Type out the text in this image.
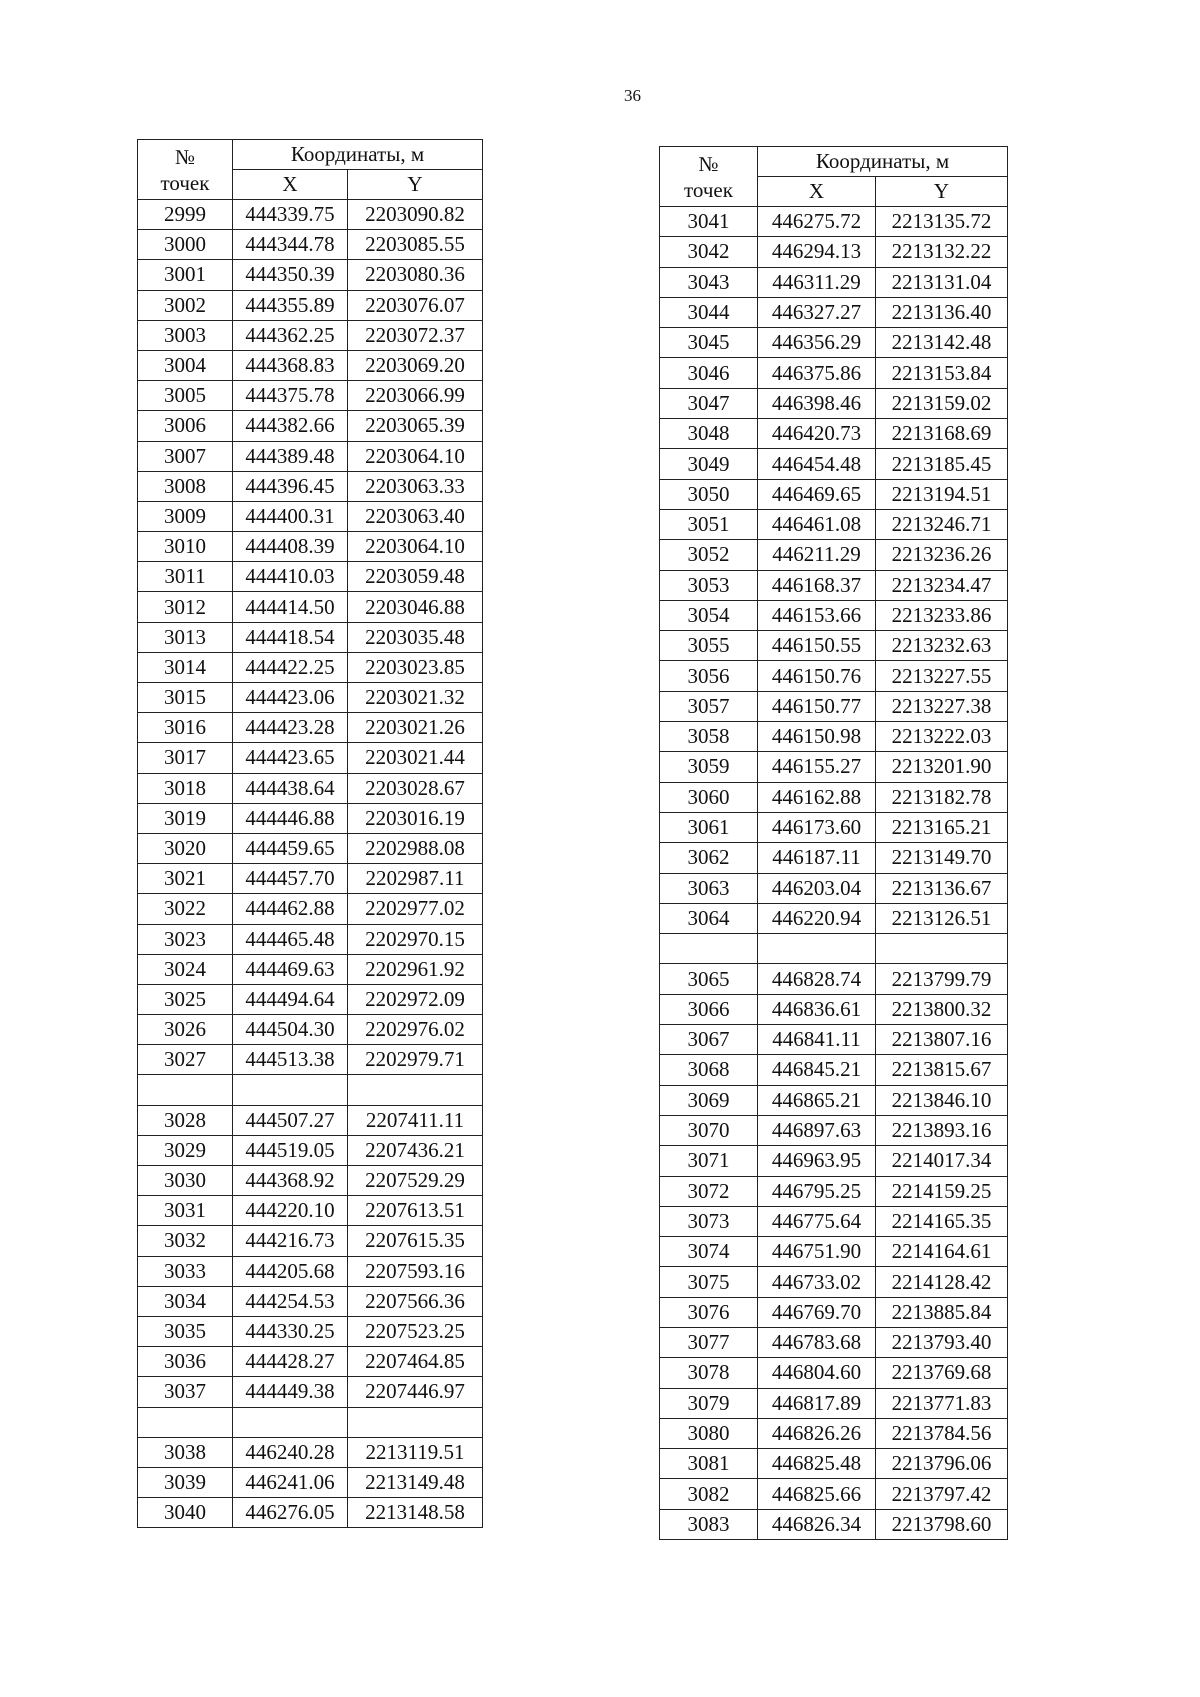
36
№
точек	Координаты, м	
	X	Y
2999	444339.75	2203090.82
3000	444344.78	2203085.55
3001	444350.39	2203080.36
3002	444355.89	2203076.07
3003	444362.25	2203072.37
3004	444368.83	2203069.20
3005	444375.78	2203066.99
3006	444382.66	2203065.39
3007	444389.48	2203064.10
3008	444396.45	2203063.33
3009	444400.31	2203063.40
3010	444408.39	2203064.10
3011	444410.03	2203059.48
3012	444414.50	2203046.88
3013	444418.54	2203035.48
3014	444422.25	2203023.85
3015	444423.06	2203021.32
3016	444423.28	2203021.26
3017	444423.65	2203021.44
3018	444438.64	2203028.67
3019	444446.88	2203016.19
3020	444459.65	2202988.08
3021	444457.70	2202987.11
3022	444462.88	2202977.02
3023	444465.48	2202970.15
3024	444469.63	2202961.92
3025	444494.64	2202972.09
3026	444504.30	2202976.02
3027	444513.38	2202979.71

3028	444507.27	2207411.11
3029	444519.05	2207436.21
3030	444368.92	2207529.29
3031	444220.10	2207613.51
3032	444216.73	2207615.35
3033	444205.68	2207593.16
3034	444254.53	2207566.36
3035	444330.25	2207523.25
3036	444428.27	2207464.85
3037	444449.38	2207446.97

3038	446240.28	2213119.51
3039	446241.06	2213149.48
3040	446276.05	2213148.58
№
точек	Координаты, м	
	X	Y
3041	446275.72	2213135.72
3042	446294.13	2213132.22
3043	446311.29	2213131.04
3044	446327.27	2213136.40
3045	446356.29	2213142.48
3046	446375.86	2213153.84
3047	446398.46	2213159.02
3048	446420.73	2213168.69
3049	446454.48	2213185.45
3050	446469.65	2213194.51
3051	446461.08	2213246.71
3052	446211.29	2213236.26
3053	446168.37	2213234.47
3054	446153.66	2213233.86
3055	446150.55	2213232.63
3056	446150.76	2213227.55
3057	446150.77	2213227.38
3058	446150.98	2213222.03
3059	446155.27	2213201.90
3060	446162.88	2213182.78
3061	446173.60	2213165.21
3062	446187.11	2213149.70
3063	446203.04	2213136.67
3064	446220.94	2213126.51

3065	446828.74	2213799.79
3066	446836.61	2213800.32
3067	446841.11	2213807.16
3068	446845.21	2213815.67
3069	446865.21	2213846.10
3070	446897.63	2213893.16
3071	446963.95	2214017.34
3072	446795.25	2214159.25
3073	446775.64	2214165.35
3074	446751.90	2214164.61
3075	446733.02	2214128.42
3076	446769.70	2213885.84
3077	446783.68	2213793.40
3078	446804.60	2213769.68
3079	446817.89	2213771.83
3080	446826.26	2213784.56
3081	446825.48	2213796.06
3082	446825.66	2213797.42
3083	446826.34	2213798.60
